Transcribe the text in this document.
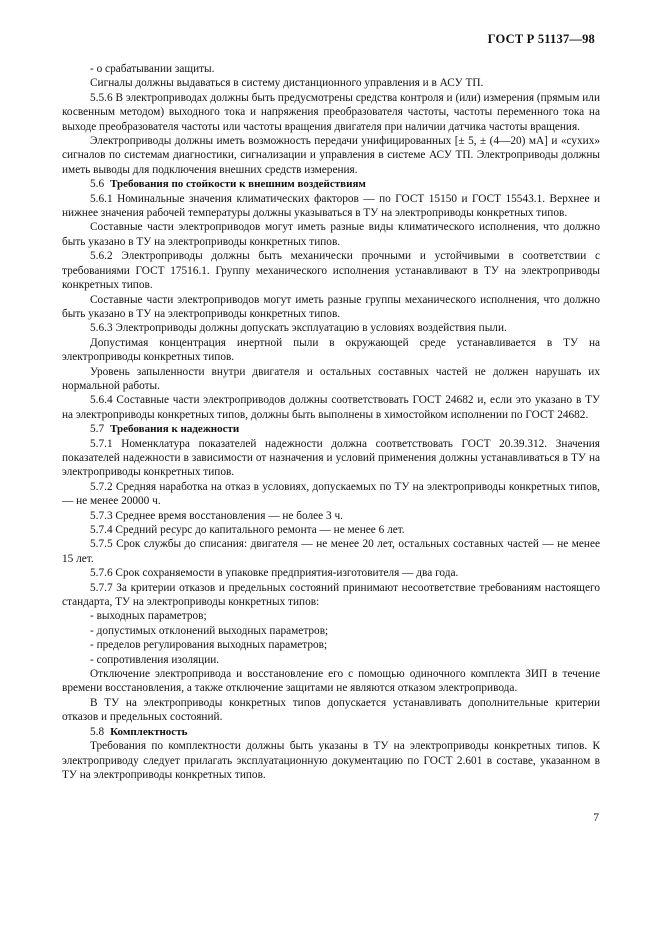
ГОСТ Р 51137—98

- о срабатывании защиты.

Сигналы должны выдаваться в систему дистанционного управления и в АСУ ТП.

5.5.6 В электроприводах должны быть предусмотрены средства контроля и (или) измерения (прямым или косвенным методом) выходного тока и напряжения преобразователя частоты, частоты переменного тока на выходе преобразователя частоты или частоты вращения двигателя при наличии датчика частоты вращения.

Электроприводы должны иметь возможность передачи унифицированных [± 5, ± (4—20) мА] и «сухих» сигналов по системам диагностики, сигнализации и управления в системе АСУ ТП. Электроприводы должны иметь выводы для подключения внешних средств измерения.

5.6 Требования по стойкости к внешним воздействиям

5.6.1 Номинальные значения климатических факторов — по ГОСТ 15150 и ГОСТ 15543.1. Верхнее и нижнее значения рабочей температуры должны указываться в ТУ на электроприводы конкретных типов.

Составные части электроприводов могут иметь разные виды климатического исполнения, что должно быть указано в ТУ на электроприводы конкретных типов.

5.6.2 Электроприводы должны быть механически прочными и устойчивыми в соответствии с требованиями ГОСТ 17516.1. Группу механического исполнения устанавливают в ТУ на электроприводы конкретных типов.

Составные части электроприводов могут иметь разные группы механического исполнения, что должно быть указано в ТУ на электроприводы конкретных типов.

5.6.3 Электроприводы должны допускать эксплуатацию в условиях воздействия пыли.

Допустимая концентрация инертной пыли в окружающей среде устанавливается в ТУ на электроприводы конкретных типов.

Уровень запыленности внутри двигателя и остальных составных частей не должен нарушать их нормальной работы.

5.6.4 Составные части электроприводов должны соответствовать ГОСТ 24682 и, если это указано в ТУ на электроприводы конкретных типов, должны быть выполнены в химостойком исполнении по ГОСТ 24682.

5.7 Требования к надежности

5.7.1 Номенклатура показателей надежности должна соответствовать ГОСТ 20.39.312. Значения показателей надежности в зависимости от назначения и условий применения должны устанавливаться в ТУ на электроприводы конкретных типов.

5.7.2 Средняя наработка на отказ в условиях, допускаемых по ТУ на электроприводы конкретных типов, — не менее 20000 ч.

5.7.3 Среднее время восстановления — не более 3 ч.

5.7.4 Средний ресурс до капитального ремонта — не менее 6 лет.

5.7.5 Срок службы до списания: двигателя — не менее 20 лет, остальных составных частей — не менее 15 лет.

5.7.6 Срок сохраняемости в упаковке предприятия-изготовителя — два года.

5.7.7 За критерии отказов и предельных состояний принимают несоответствие требованиям настоящего стандарта, ТУ на электроприводы конкретных типов:

- выходных параметров;

- допустимых отклонений выходных параметров;

- пределов регулирования выходных параметров;

- сопротивления изоляции.

Отключение электропривода и восстановление его с помощью одиночного комплекта ЗИП в течение времени восстановления, а также отключение защитами не являются отказом электропривода.

В ТУ на электроприводы конкретных типов допускается устанавливать дополнительные критерии отказов и предельных состояний.

5.8 Комплектность

Требования по комплектности должны быть указаны в ТУ на электроприводы конкретных типов. К электроприводу следует прилагать эксплуатационную документацию по ГОСТ 2.601 в составе, указанном в ТУ на электроприводы конкретных типов.

7
